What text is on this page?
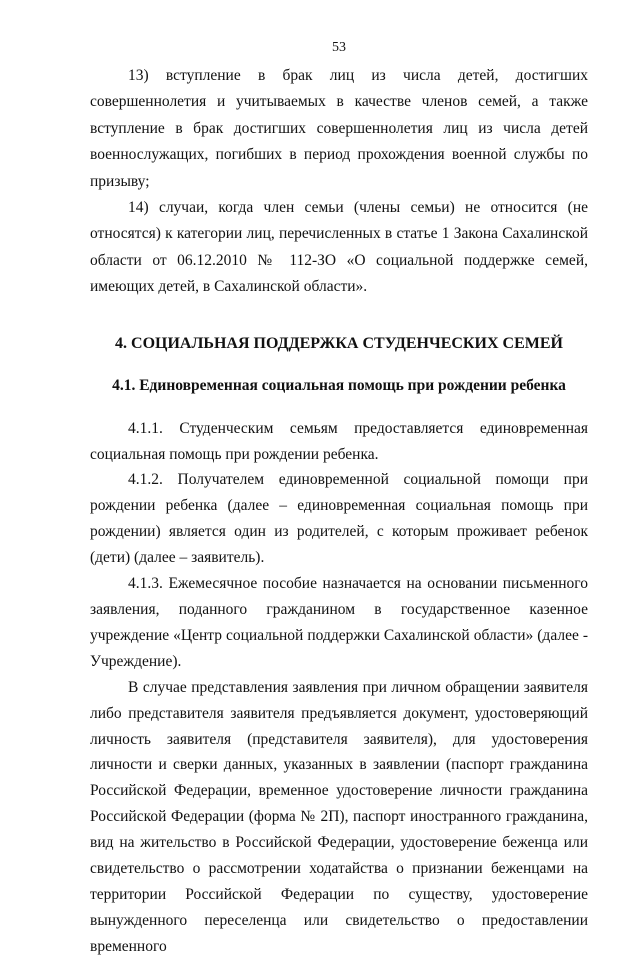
53

13) вступление в брак лиц из числа детей, достигших совершеннолетия и учитываемых в качестве членов семей, а также вступление в брак достигших совершеннолетия лиц из числа детей военнослужащих, погибших в период прохождения военной службы по призыву;

14) случаи, когда член семьи (члены семьи) не относится (не относятся) к категории лиц, перечисленных в статье 1 Закона Сахалинской области от 06.12.2010 № 112-ЗО «О социальной поддержке семей, имеющих детей, в Сахалинской области».

4. СОЦИАЛЬНАЯ ПОДДЕРЖКА СТУДЕНЧЕСКИХ СЕМЕЙ
4.1. Единовременная социальная помощь при рождении ребенка

4.1.1. Студенческим семьям предоставляется единовременная социальная помощь при рождении ребенка.

4.1.2. Получателем единовременной социальной помощи при рождении ребенка (далее – единовременная социальная помощь при рождении) является один из родителей, с которым проживает ребенок (дети) (далее – заявитель).

4.1.3. Ежемесячное пособие назначается на основании письменного заявления, поданного гражданином в государственное казенное учреждение «Центр социальной поддержки Сахалинской области» (далее - Учреждение).

В случае представления заявления при личном обращении заявителя либо представителя заявителя предъявляется документ, удостоверяющий личность заявителя (представителя заявителя), для удостоверения личности и сверки данных, указанных в заявлении (паспорт гражданина Российской Федерации, временное удостоверение личности гражданина Российской Федерации (форма № 2П), паспорт иностранного гражданина, вид на жительство в Российской Федерации, удостоверение беженца или свидетельство о рассмотрении ходатайства о признании беженцами на территории Российской Федерации по существу, удостоверение вынужденного переселенца или свидетельство о предоставлении временного
